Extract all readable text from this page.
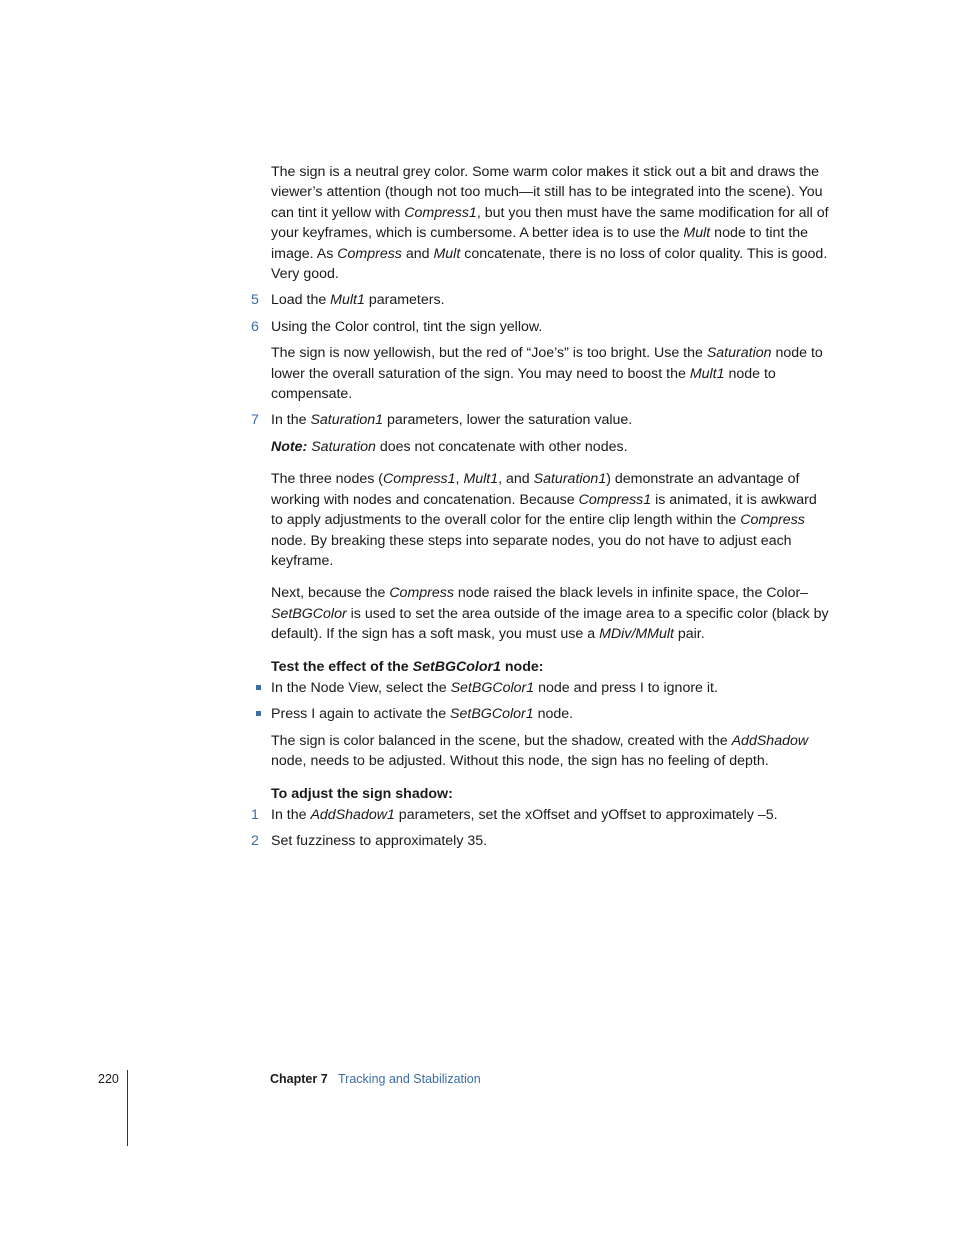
The sign is a neutral grey color. Some warm color makes it stick out a bit and draws the viewer’s attention (though not too much—it still has to be integrated into the scene). You can tint it yellow with Compress1, but you then must have the same modification for all of your keyframes, which is cumbersome. A better idea is to use the Mult node to tint the image. As Compress and Mult concatenate, there is no loss of color quality. This is good. Very good.

5 Load the Mult1 parameters.
6 Using the Color control, tint the sign yellow.

The sign is now yellowish, but the red of “Joe’s” is too bright. Use the Saturation node to lower the overall saturation of the sign. You may need to boost the Mult1 node to compensate.

7 In the Saturation1 parameters, lower the saturation value.

Note: Saturation does not concatenate with other nodes.

The three nodes (Compress1, Mult1, and Saturation1) demonstrate an advantage of working with nodes and concatenation. Because Compress1 is animated, it is awkward to apply adjustments to the overall color for the entire clip length within the Compress node. By breaking these steps into separate nodes, you do not have to adjust each keyframe.

Next, because the Compress node raised the black levels in infinite space, the Color–SetBGColor is used to set the area outside of the image area to a specific color (black by default). If the sign has a soft mask, you must use a MDiv/MMult pair.

Test the effect of the SetBGColor1 node:

In the Node View, select the SetBGColor1 node and press I to ignore it.
Press I again to activate the SetBGColor1 node.

The sign is color balanced in the scene, but the shadow, created with the AddShadow node, needs to be adjusted. Without this node, the sign has no feeling of depth.

To adjust the sign shadow:

1 In the AddShadow1 parameters, set the xOffset and yOffset to approximately –5.
2 Set fuzziness to approximately 35.
220	Chapter 7 Tracking and Stabilization
